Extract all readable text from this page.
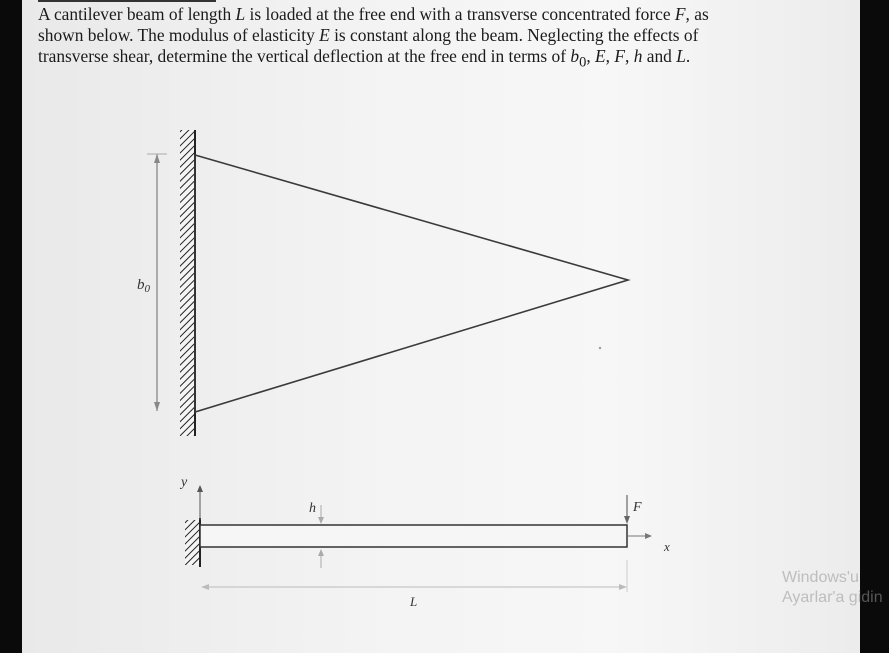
A cantilever beam of length L is loaded at the free end with a transverse concentrated force F, as shown below. The modulus of elasticity E is constant along the beam. Neglecting the effects of transverse shear, determine the vertical deflection at the free end in terms of $b_0$, E, F, h and L.

$b_0$
y
h	F
x
L
Windows'u
Ayarlar'a gidin
